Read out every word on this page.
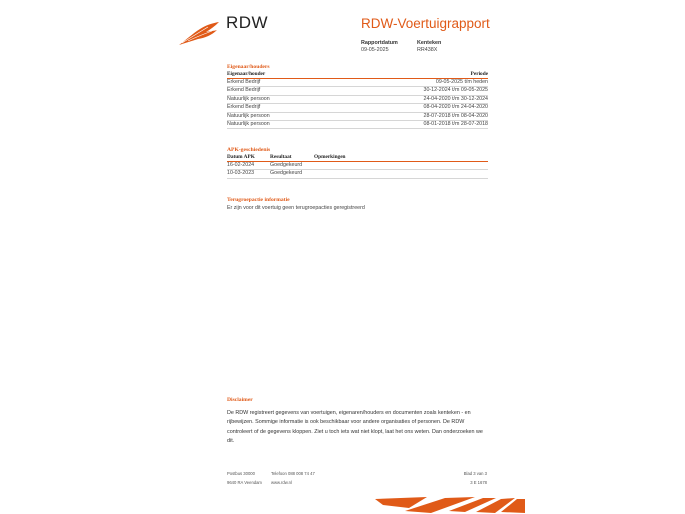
RDW	RDW-Voertuigrapport
Rapportdatum
09-05-2025
Kenteken
RR438X
Eigenaar/houders
Eigenaar/houder	Periode
Erkend Bedrijf	09-05-2025 t/m heden
Erkend Bedrijf	30-12-2024 t/m 09-05-2025
Natuurlijk persoon	24-04-2020 t/m 30-12-2024
Erkend Bedrijf	08-04-2020 t/m 24-04-2020
Natuurlijk persoon	28-07-2018 t/m 08-04-2020
Natuurlijk persoon	08-01-2018 t/m 28-07-2018
APK-geschiedenis
Datum APK	Resultaat	Opmerkingen
16-02-2024	Goedgekeurd
10-03-2023	Goedgekeurd
Terugroepactie informatie
Er zijn voor dit voertuig geen terugroepacties geregistreerd
Disclaimer
De RDW registreert gegevens van voertuigen, eigenaren/houders en documenten zoals kenteken - en rijbewijzen. Sommige informatie is ook beschikbaar voor andere organisaties of personen. De RDW controleert of de gegevens kloppen. Ziet u toch iets wat niet klopt, laat het ons weten. Dan onderzoeken we dit.
Postbus 30000
9640 RA Veendam
Telefoon 088 008 74 47
www.rdw.nl
Blad 3 van 3
3 E 1678
